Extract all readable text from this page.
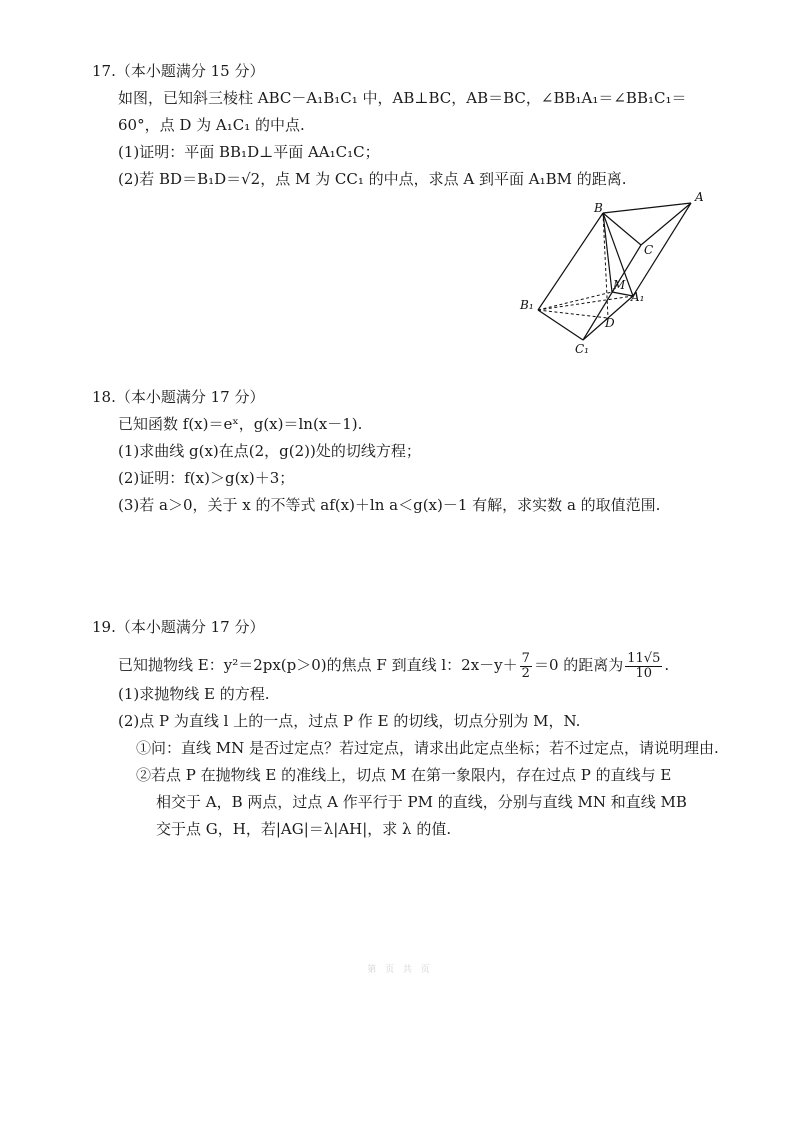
17.（本小题满分 15 分）
如图，已知斜三棱柱 ABC－A₁B₁C₁ 中，AB⊥BC，AB＝BC，∠BB₁A₁＝∠BB₁C₁＝
60°，点 D 为 A₁C₁ 的中点.
(1)证明：平面 BB₁D⊥平面 AA₁C₁C；
(2)若 BD＝B₁D＝√2，点 M 为 CC₁ 的中点，求点 A 到平面 A₁BM 的距离.
B
A
C
M
A₁
B₁
D
C₁
18.（本小题满分 17 分）
已知函数 f(x)＝eˣ，g(x)＝ln(x－1).
(1)求曲线 g(x)在点(2，g(2))处的切线方程；
(2)证明：f(x)＞g(x)＋3；
(3)若 a＞0，关于 x 的不等式 af(x)＋ln a＜g(x)－1 有解，求实数 a 的取值范围.
19.（本小题满分 17 分）
已知抛物线 E：y²＝2px(p＞0)的焦点 F 到直线 l：$2x-y+ \frac{7}{2} =0$ 的距离为 $\frac{11√5}{10}$ .
(1)求抛物线 E 的方程.
(2)点 P 为直线 l 上的一点，过点 P 作 E 的切线，切点分别为 M，N.
①问：直线 MN 是否过定点？若过定点，请求出此定点坐标；若不过定点，请说明理由.
②若点 P 在抛物线 E 的准线上，切点 M 在第一象限内，存在过点 P 的直线与 E
相交于 A，B 两点，过点 A 作平行于 PM 的直线，分别与直线 MN 和直线 MB
交于点 G，H，若|AG|＝λ|AH|，求 λ 的值.
第 页 共 页
